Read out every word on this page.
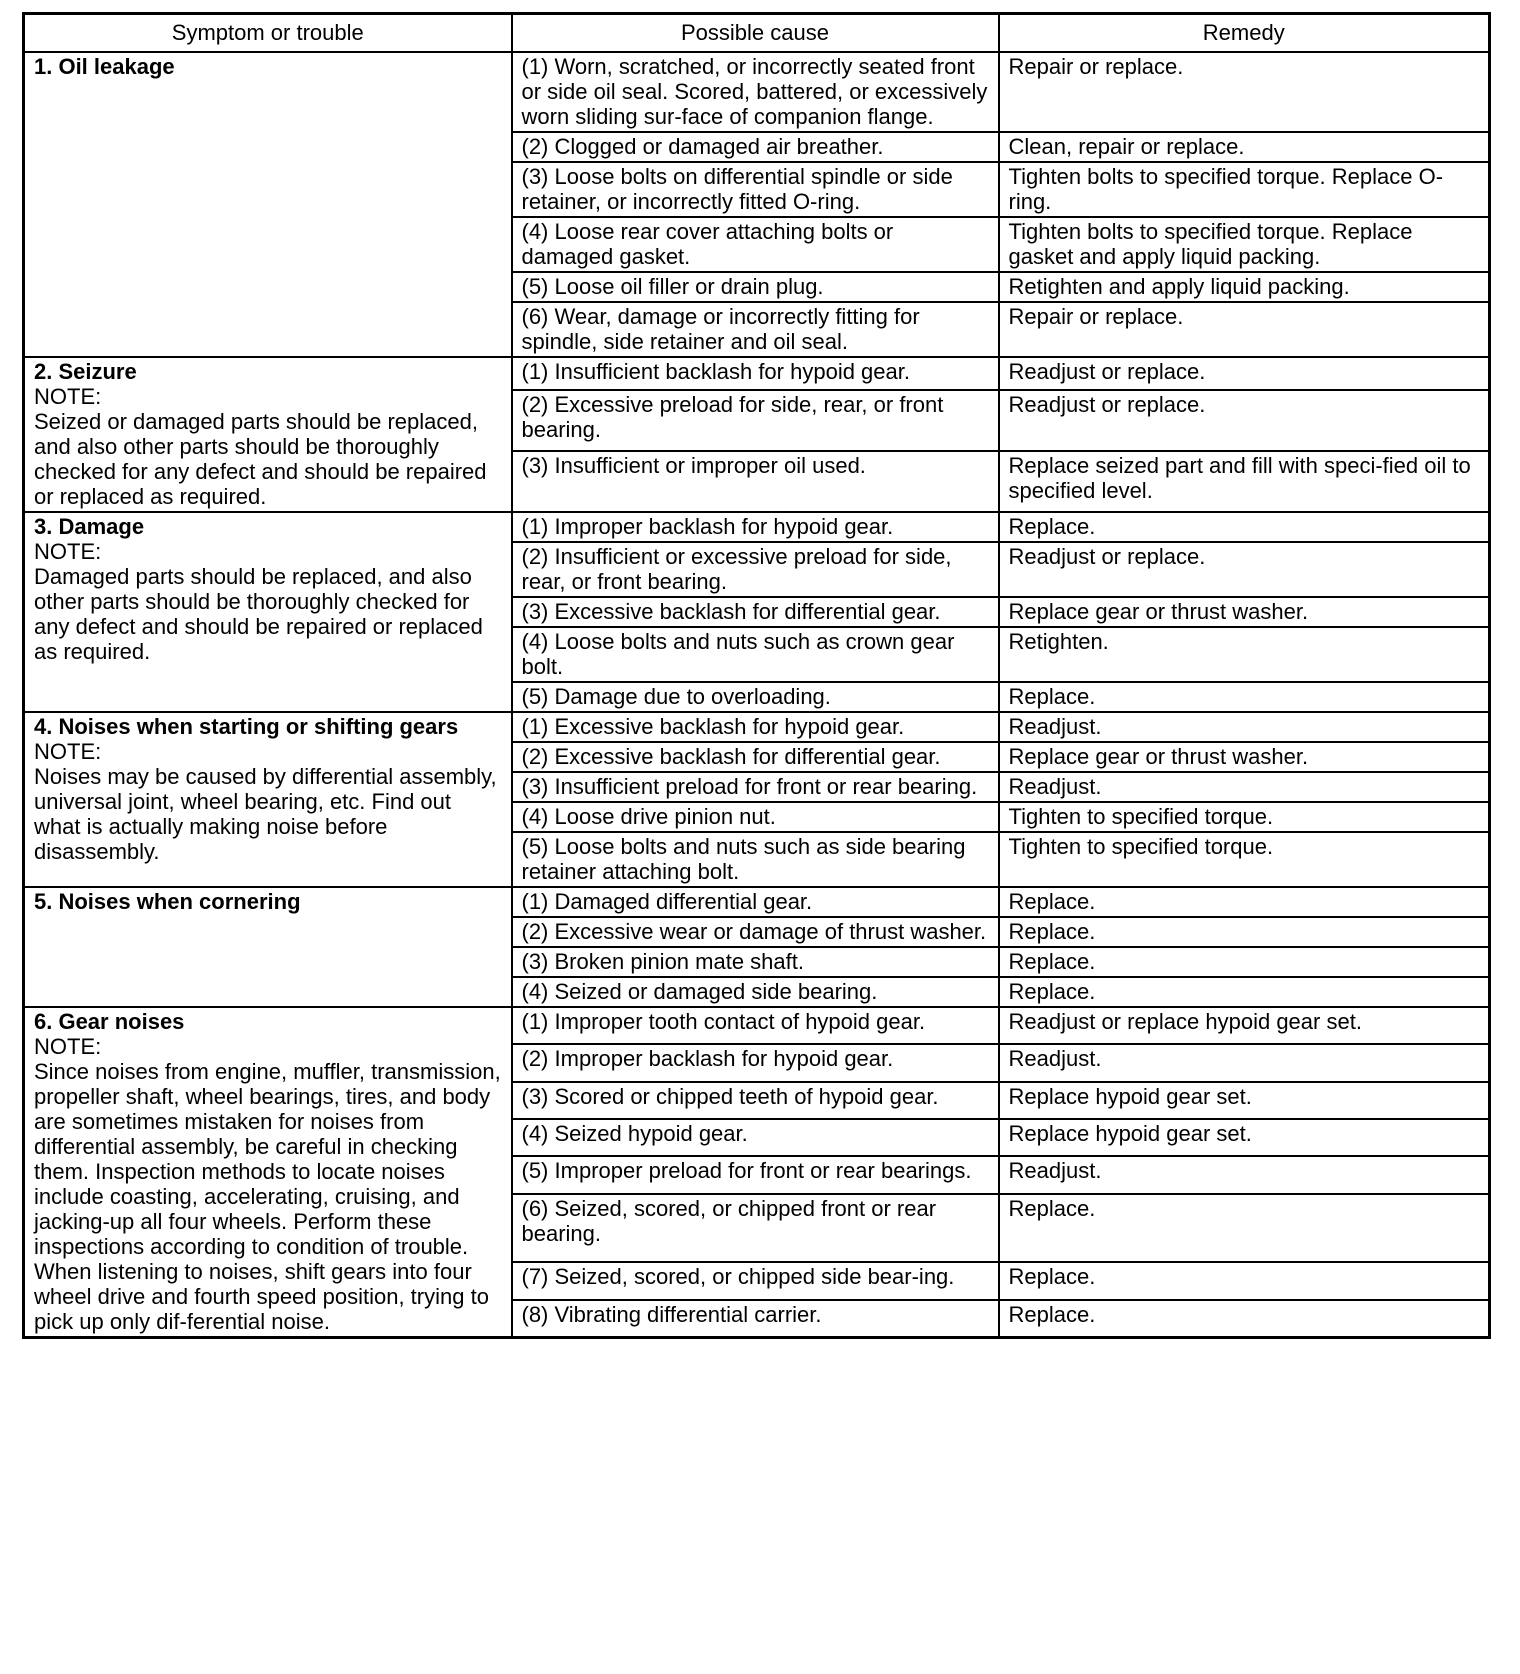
Symptom or trouble	Possible cause	Remedy

1. Oil leakage	(1) Worn, scratched, or incorrectly seated front or side oil seal. Scored, battered, or excessively worn sliding sur-face of companion flange.	Repair or replace.
	(2) Clogged or damaged air breather.	Clean, repair or replace.
	(3) Loose bolts on differential spindle or side retainer, or incorrectly fitted O-ring.	Tighten bolts to specified torque. Replace O-ring.
	(4) Loose rear cover attaching bolts or damaged gasket.	Tighten bolts to specified torque. Replace gasket and apply liquid packing.
	(5) Loose oil filler or drain plug.	Retighten and apply liquid packing.
	(6) Wear, damage or incorrectly fitting for spindle, side retainer and oil seal.	Repair or replace.

2. Seizure
NOTE:
Seized or damaged parts should be replaced, and also other parts should be thoroughly checked for any defect and should be repaired or replaced as required.	(1) Insufficient backlash for hypoid gear.	Readjust or replace.
	(2) Excessive preload for side, rear, or front bearing.	Readjust or replace.
	(3) Insufficient or improper oil used.	Replace seized part and fill with speci-fied oil to specified level.

3. Damage
NOTE:
Damaged parts should be replaced, and also other parts should be thoroughly checked for any defect and should be repaired or replaced as required.	(1) Improper backlash for hypoid gear.	Replace.
	(2) Insufficient or excessive preload for side, rear, or front bearing.	Readjust or replace.
	(3) Excessive backlash for differential gear.	Replace gear or thrust washer.
	(4) Loose bolts and nuts such as crown gear bolt.	Retighten.
	(5) Damage due to overloading.	Replace.

4. Noises when starting or shifting gears
NOTE:
Noises may be caused by differential assembly, universal joint, wheel bearing, etc. Find out what is actually making noise before disassembly.	(1) Excessive backlash for hypoid gear.	Readjust.
	(2) Excessive backlash for differential gear.	Replace gear or thrust washer.
	(3) Insufficient preload for front or rear bearing.	Readjust.
	(4) Loose drive pinion nut.	Tighten to specified torque.
	(5) Loose bolts and nuts such as side bearing retainer attaching bolt.	Tighten to specified torque.

5. Noises when cornering	(1) Damaged differential gear.	Replace.
	(2) Excessive wear or damage of thrust washer.	Replace.
	(3) Broken pinion mate shaft.	Replace.
	(4) Seized or damaged side bearing.	Replace.

6. Gear noises
NOTE:
Since noises from engine, muffler, transmission, propeller shaft, wheel bearings, tires, and body are sometimes mistaken for noises from differential assembly, be careful in checking them. Inspection methods to locate noises include coasting, accelerating, cruising, and jacking-up all four wheels. Perform these inspections according to condition of trouble. When listening to noises, shift gears into four wheel drive and fourth speed position, trying to pick up only dif-ferential noise.	(1) Improper tooth contact of hypoid gear.	Readjust or replace hypoid gear set.
	(2) Improper backlash for hypoid gear.	Readjust.
	(3) Scored or chipped teeth of hypoid gear.	Replace hypoid gear set.
	(4) Seized hypoid gear.	Replace hypoid gear set.
	(5) Improper preload for front or rear bearings.	Readjust.
	(6) Seized, scored, or chipped front or rear bearing.	Replace.
	(7) Seized, scored, or chipped side bear-ing.	Replace.
	(8) Vibrating differential carrier.	Replace.
